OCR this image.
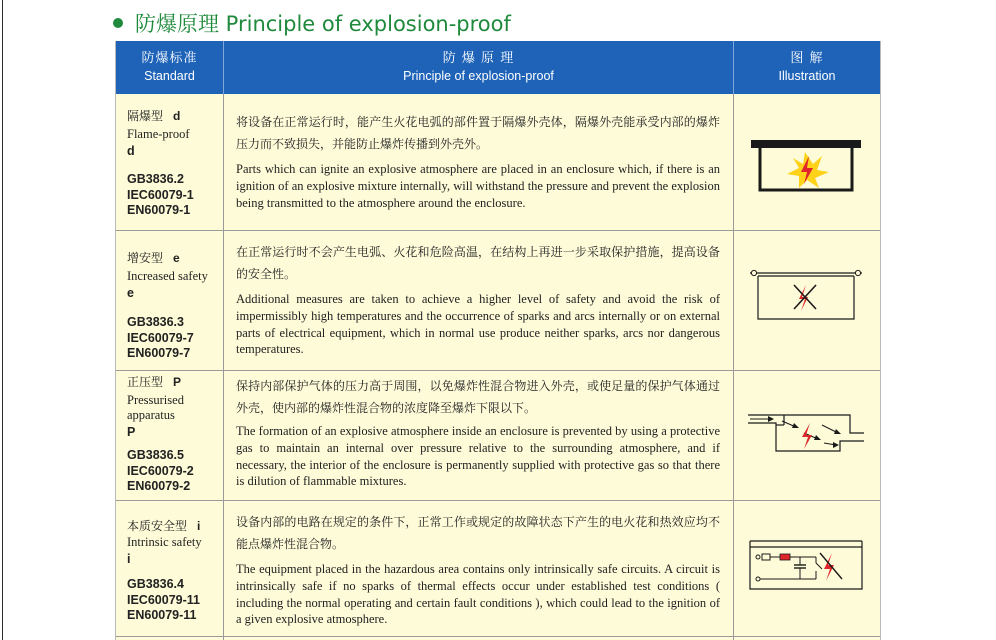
防爆原理 Principle of explosion-proof
防爆标准
Standard
防 爆 原 理
Principle of explosion-proof
图 解
Illustration
隔爆型 d
Flame-proof
d
GB3836.2
IEC60079-1
EN60079-1
将设备在正常运行时，能产生火花电弧的部件置于隔爆外壳体，隔爆外壳能承受内部的爆炸压力而不致损失，并能防止爆炸传播到外壳外。
Parts which can ignite an explosive atmosphere are placed in an enclosure which, if there is an ignition of an explosive mixture internally, will withstand the pressure and prevent the explosion being transmitted to the atmosphere around the enclosure.
增安型 e
Increased safety
e
GB3836.3
IEC60079-7
EN60079-7
在正常运行时不会产生电弧、火花和危险高温，在结构上再进一步采取保护措施，提高设备的安全性。
Additional measures are taken to achieve a higher level of safety and avoid the risk of impermissibly high temperatures and the occurrence of sparks and arcs internally or on external parts of electrical equipment, which in normal use produce neither sparks, arcs nor dangerous temperatures.
正压型 P
Pressurised apparatus
P
GB3836.5
IEC60079-2
EN60079-2
保持内部保护气体的压力高于周围，以免爆炸性混合物进入外壳，或使足量的保护气体通过外壳，使内部的爆炸性混合物的浓度降至爆炸下限以下。
The formation of an explosive atmosphere inside an enclosure is prevented by using a protective gas to maintain an internal over pressure relative to the surrounding atmosphere, and if necessary, the interior of the enclosure is permanently supplied with protective gas so that there is dilution of flammable mixtures.
本质安全型 i
Intrinsic safety
i
GB3836.4
IEC60079-11
EN60079-11
设备内部的电路在规定的条件下，正常工作或规定的故障状态下产生的电火花和热效应均不能点爆炸性混合物。
The equipment placed in the hazardous area contains only intrinsically safe circuits. A circuit is intrinsically safe if no sparks of thermal effects occur under established test conditions ( including the normal operating and certain fault conditions ), which could lead to the ignition of a given explosive atmosphere.
